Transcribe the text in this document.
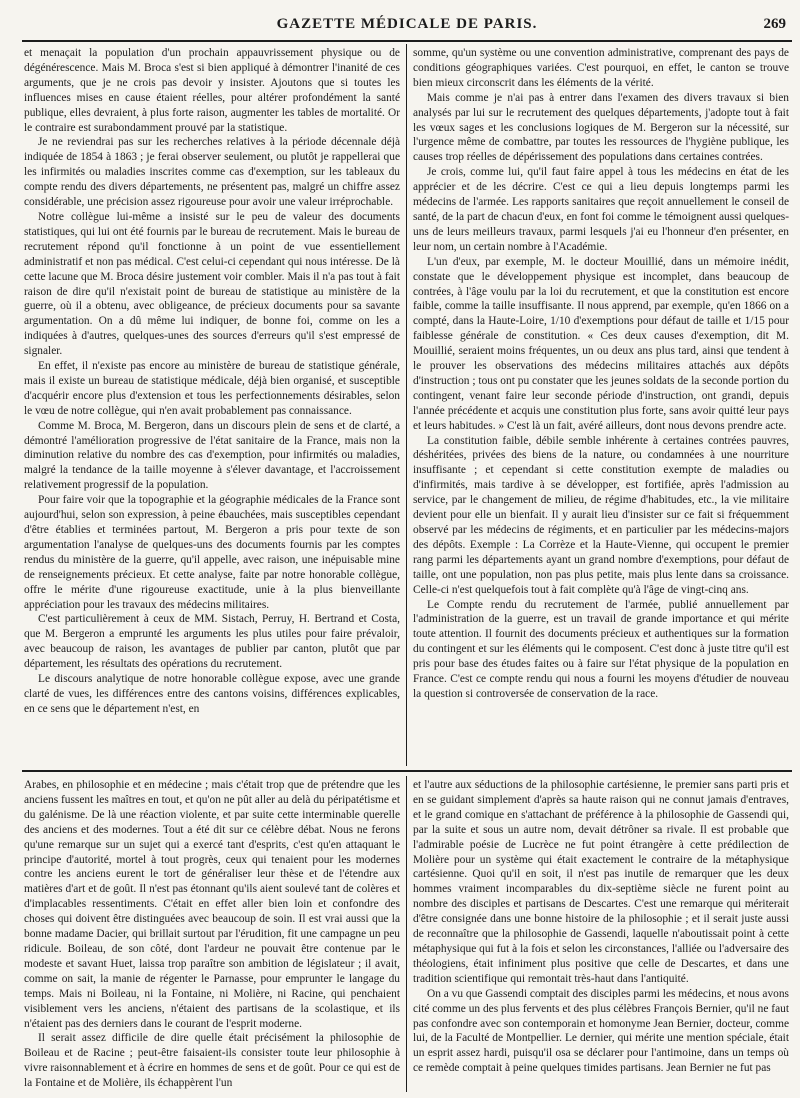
GAZETTE MÉDICALE DE PARIS.	269

et menaçait la population d'un prochain appauvrissement physique ou de dégénérescence. Mais M. Broca s'est si bien appliqué à démontrer l'inanité de ces arguments, que je ne crois pas devoir y insister. Ajoutons que si toutes les influences mises en cause étaient réelles, pour altérer profondément la santé publique, elles devraient, à plus forte raison, augmenter les tables de mortalité. Or le contraire est surabondamment prouvé par la statistique.

Je ne reviendrai pas sur les recherches relatives à la période décennale déjà indiquée de 1854 à 1863 ; je ferai observer seulement, ou plutôt je rappellerai que les infirmités ou maladies inscrites comme cas d'exemption, sur les tableaux du compte rendu des divers départements, ne présentent pas, malgré un chiffre assez considérable, une précision assez rigoureuse pour avoir une valeur irréprochable.

Notre collègue lui-même a insisté sur le peu de valeur des documents statistiques, qui lui ont été fournis par le bureau de recrutement. Mais le bureau de recrutement répond qu'il fonctionne à un point de vue essentiellement administratif et non pas médical. C'est celui-ci cependant qui nous intéresse. De là cette lacune que M. Broca désire justement voir combler. Mais il n'a pas tout à fait raison de dire qu'il n'existait point de bureau de statistique au ministère de la guerre, où il a obtenu, avec obligeance, de précieux documents pour sa savante argumentation. On a dû même lui indiquer, de bonne foi, comme on les a indiquées à d'autres, quelques-unes des sources d'erreurs qu'il s'est empressé de signaler.

En effet, il n'existe pas encore au ministère de bureau de statistique générale, mais il existe un bureau de statistique médicale, déjà bien organisé, et susceptible d'acquérir encore plus d'extension et tous les perfectionnements désirables, selon le vœu de notre collègue, qui n'en avait probablement pas connaissance.

Comme M. Broca, M. Bergeron, dans un discours plein de sens et de clarté, a démontré l'amélioration progressive de l'état sanitaire de la France, mais non la diminution relative du nombre des cas d'exemption, pour infirmités ou maladies, malgré la tendance de la taille moyenne à s'élever davantage, et l'accroissement relativement progressif de la population.

Pour faire voir que la topographie et la géographie médicales de la France sont aujourd'hui, selon son expression, à peine ébauchées, mais susceptibles cependant d'être établies et terminées partout, M. Bergeron a pris pour texte de son argumentation l'analyse de quelques-uns des documents fournis par les comptes rendus du ministère de la guerre, qu'il appelle, avec raison, une inépuisable mine de renseignements précieux. Et cette analyse, faite par notre honorable collègue, offre le mérite d'une rigoureuse exactitude, unie à la plus bienveillante appréciation pour les travaux des médecins militaires.

C'est particulièrement à ceux de MM. Sistach, Perruy, H. Bertrand et Costa, que M. Bergeron a emprunté les arguments les plus utiles pour faire prévaloir, avec beaucoup de raison, les avantages de publier par canton, plutôt que par département, les résultats des opérations du recrutement.

Le discours analytique de notre honorable collègue expose, avec une grande clarté de vues, les différences entre des cantons voisins, différences explicables, en ce sens que le département n'est, en

somme, qu'un système ou une convention administrative, comprenant des pays de conditions géographiques variées. C'est pourquoi, en effet, le canton se trouve bien mieux circonscrit dans les éléments de la vérité.

Mais comme je n'ai pas à entrer dans l'examen des divers travaux si bien analysés par lui sur le recrutement des quelques départements, j'adopte tout à fait les vœux sages et les conclusions logiques de M. Bergeron sur la nécessité, sur l'urgence même de combattre, par toutes les ressources de l'hygiène publique, les causes trop réelles de dépérissement des populations dans certaines contrées.

Je crois, comme lui, qu'il faut faire appel à tous les médecins en état de les apprécier et de les décrire. C'est ce qui a lieu depuis longtemps parmi les médecins de l'armée. Les rapports sanitaires que reçoit annuellement le conseil de santé, de la part de chacun d'eux, en font foi comme le témoignent aussi quelques-uns de leurs meilleurs travaux, parmi lesquels j'ai eu l'honneur d'en présenter, en leur nom, un certain nombre à l'Académie.

L'un d'eux, par exemple, M. le docteur Mouillié, dans un mémoire inédit, constate que le développement physique est incomplet, dans beaucoup de contrées, à l'âge voulu par la loi du recrutement, et que la constitution est encore faible, comme la taille insuffisante. Il nous apprend, par exemple, qu'en 1866 on a compté, dans la Haute-Loire, 1/10 d'exemptions pour défaut de taille et 1/15 pour faiblesse générale de constitution. « Ces deux causes d'exemption, dit M. Mouillié, seraient moins fréquentes, un ou deux ans plus tard, ainsi que tendent à le prouver les observations des médecins militaires attachés aux dépôts d'instruction ; tous ont pu constater que les jeunes soldats de la seconde portion du contingent, venant faire leur seconde période d'instruction, ont grandi, depuis l'année précédente et acquis une constitution plus forte, sans avoir quitté leur pays et leurs habitudes. » C'est là un fait, avéré ailleurs, dont nous devons prendre acte.

La constitution faible, débile semble inhérente à certaines contrées pauvres, déshéritées, privées des biens de la nature, ou condamnées à une nourriture insuffisante ; et cependant si cette constitution exempte de maladies ou d'infirmités, mais tardive à se développer, est fortifiée, après l'admission au service, par le changement de milieu, de régime d'habitudes, etc., la vie militaire devient pour elle un bienfait. Il y aurait lieu d'insister sur ce fait si fréquemment observé par les médecins de régiments, et en particulier par les médecins-majors des dépôts. Exemple : La Corrèze et la Haute-Vienne, qui occupent le premier rang parmi les départements ayant un grand nombre d'exemptions, pour défaut de taille, ont une population, non pas plus petite, mais plus lente dans sa croissance. Celle-ci n'est quelquefois tout à fait complète qu'à l'âge de vingt-cinq ans.

Le Compte rendu du recrutement de l'armée, publié annuellement par l'administration de la guerre, est un travail de grande importance et qui mérite toute attention. Il fournit des documents précieux et authentiques sur la formation du contingent et sur les éléments qui le composent. C'est donc à juste titre qu'il est pris pour base des études faites ou à faire sur l'état physique de la population en France. C'est ce compte rendu qui nous a fourni les moyens d'étudier de nouveau la question si controversée de conservation de la race.

Arabes, en philosophie et en médecine ; mais c'était trop que de prétendre que les anciens fussent les maîtres en tout, et qu'on ne pût aller au delà du péripatétisme et du galénisme. De là une réaction violente, et par suite cette interminable querelle des anciens et des modernes. Tout a été dit sur ce célèbre débat. Nous ne ferons qu'une remarque sur un sujet qui a exercé tant d'esprits, c'est qu'en attaquant le principe d'autorité, mortel à tout progrès, ceux qui tenaient pour les modernes contre les anciens eurent le tort de généraliser leur thèse et de l'étendre aux matières d'art et de goût. Il n'est pas étonnant qu'ils aient soulevé tant de colères et d'implacables ressentiments. C'était en effet aller bien loin et confondre des choses qui doivent être distinguées avec beaucoup de soin. Il est vrai aussi que la bonne madame Dacier, qui brillait surtout par l'érudition, fit une campagne un peu ridicule. Boileau, de son côté, dont l'ardeur ne pouvait être contenue par le modeste et savant Huet, laissa trop paraître son ambition de législateur ; il avait, comme on sait, la manie de régenter le Parnasse, pour emprunter le langage du temps. Mais ni Boileau, ni la Fontaine, ni Molière, ni Racine, qui penchaient visiblement vers les anciens, n'étaient des partisans de la scolastique, et ils n'étaient pas des derniers dans le courant de l'esprit moderne.

Il serait assez difficile de dire quelle était précisément la philosophie de Boileau et de Racine ; peut-être faisaient-ils consister toute leur philosophie à vivre raisonnablement et à écrire en hommes de sens et de goût. Pour ce qui est de la Fontaine et de Molière, ils échappèrent l'un

et l'autre aux séductions de la philosophie cartésienne, le premier sans parti pris et en se guidant simplement d'après sa haute raison qui ne connut jamais d'entraves, et le grand comique en s'attachant de préférence à la philosophie de Gassendi qui, par la suite et sous un autre nom, devait détrôner sa rivale. Il est probable que l'admirable poésie de Lucrèce ne fut point étrangère à cette prédilection de Molière pour un système qui était exactement le contraire de la métaphysique cartésienne. Quoi qu'il en soit, il n'est pas inutile de remarquer que les deux hommes vraiment incomparables du dix-septième siècle ne furent point au nombre des disciples et partisans de Descartes. C'est une remarque qui mériterait d'être consignée dans une bonne histoire de la philosophie ; et il serait juste aussi de reconnaître que la philosophie de Gassendi, laquelle n'aboutissait point à cette métaphysique qui fut à la fois et selon les circonstances, l'alliée ou l'adversaire des théologiens, était infiniment plus positive que celle de Descartes, et dans une tradition scientifique qui remontait très-haut dans l'antiquité.

On a vu que Gassendi comptait des disciples parmi les médecins, et nous avons cité comme un des plus fervents et des plus célèbres François Bernier, qu'il ne faut pas confondre avec son contemporain et homonyme Jean Bernier, docteur, comme lui, de la Faculté de Montpellier. Le dernier, qui mérite une mention spéciale, était un esprit assez hardi, puisqu'il osa se déclarer pour l'antimoine, dans un temps où ce remède comptait à peine quelques timides partisans. Jean Bernier ne fut pas
